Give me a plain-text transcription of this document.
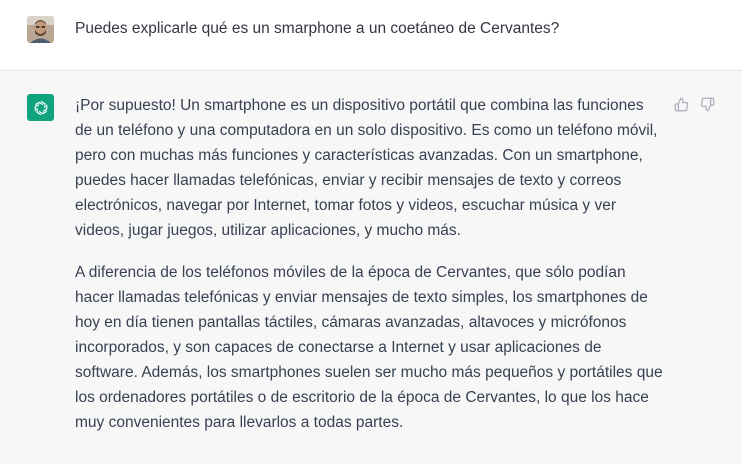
Puedes explicarle qué es un smarphone a un coetáneo de Cervantes?

¡Por supuesto! Un smartphone es un dispositivo portátil que combina las funciones de un teléfono y una computadora en un solo dispositivo. Es como un teléfono móvil, pero con muchas más funciones y características avanzadas. Con un smartphone, puedes hacer llamadas telefónicas, enviar y recibir mensajes de texto y correos electrónicos, navegar por Internet, tomar fotos y videos, escuchar música y ver videos, jugar juegos, utilizar aplicaciones, y mucho más.

A diferencia de los teléfonos móviles de la época de Cervantes, que sólo podían hacer llamadas telefónicas y enviar mensajes de texto simples, los smartphones de hoy en día tienen pantallas táctiles, cámaras avanzadas, altavoces y micrófonos incorporados, y son capaces de conectarse a Internet y usar aplicaciones de software. Además, los smartphones suelen ser mucho más pequeños y portátiles que los ordenadores portátiles o de escritorio de la época de Cervantes, lo que los hace muy convenientes para llevarlos a todas partes.
